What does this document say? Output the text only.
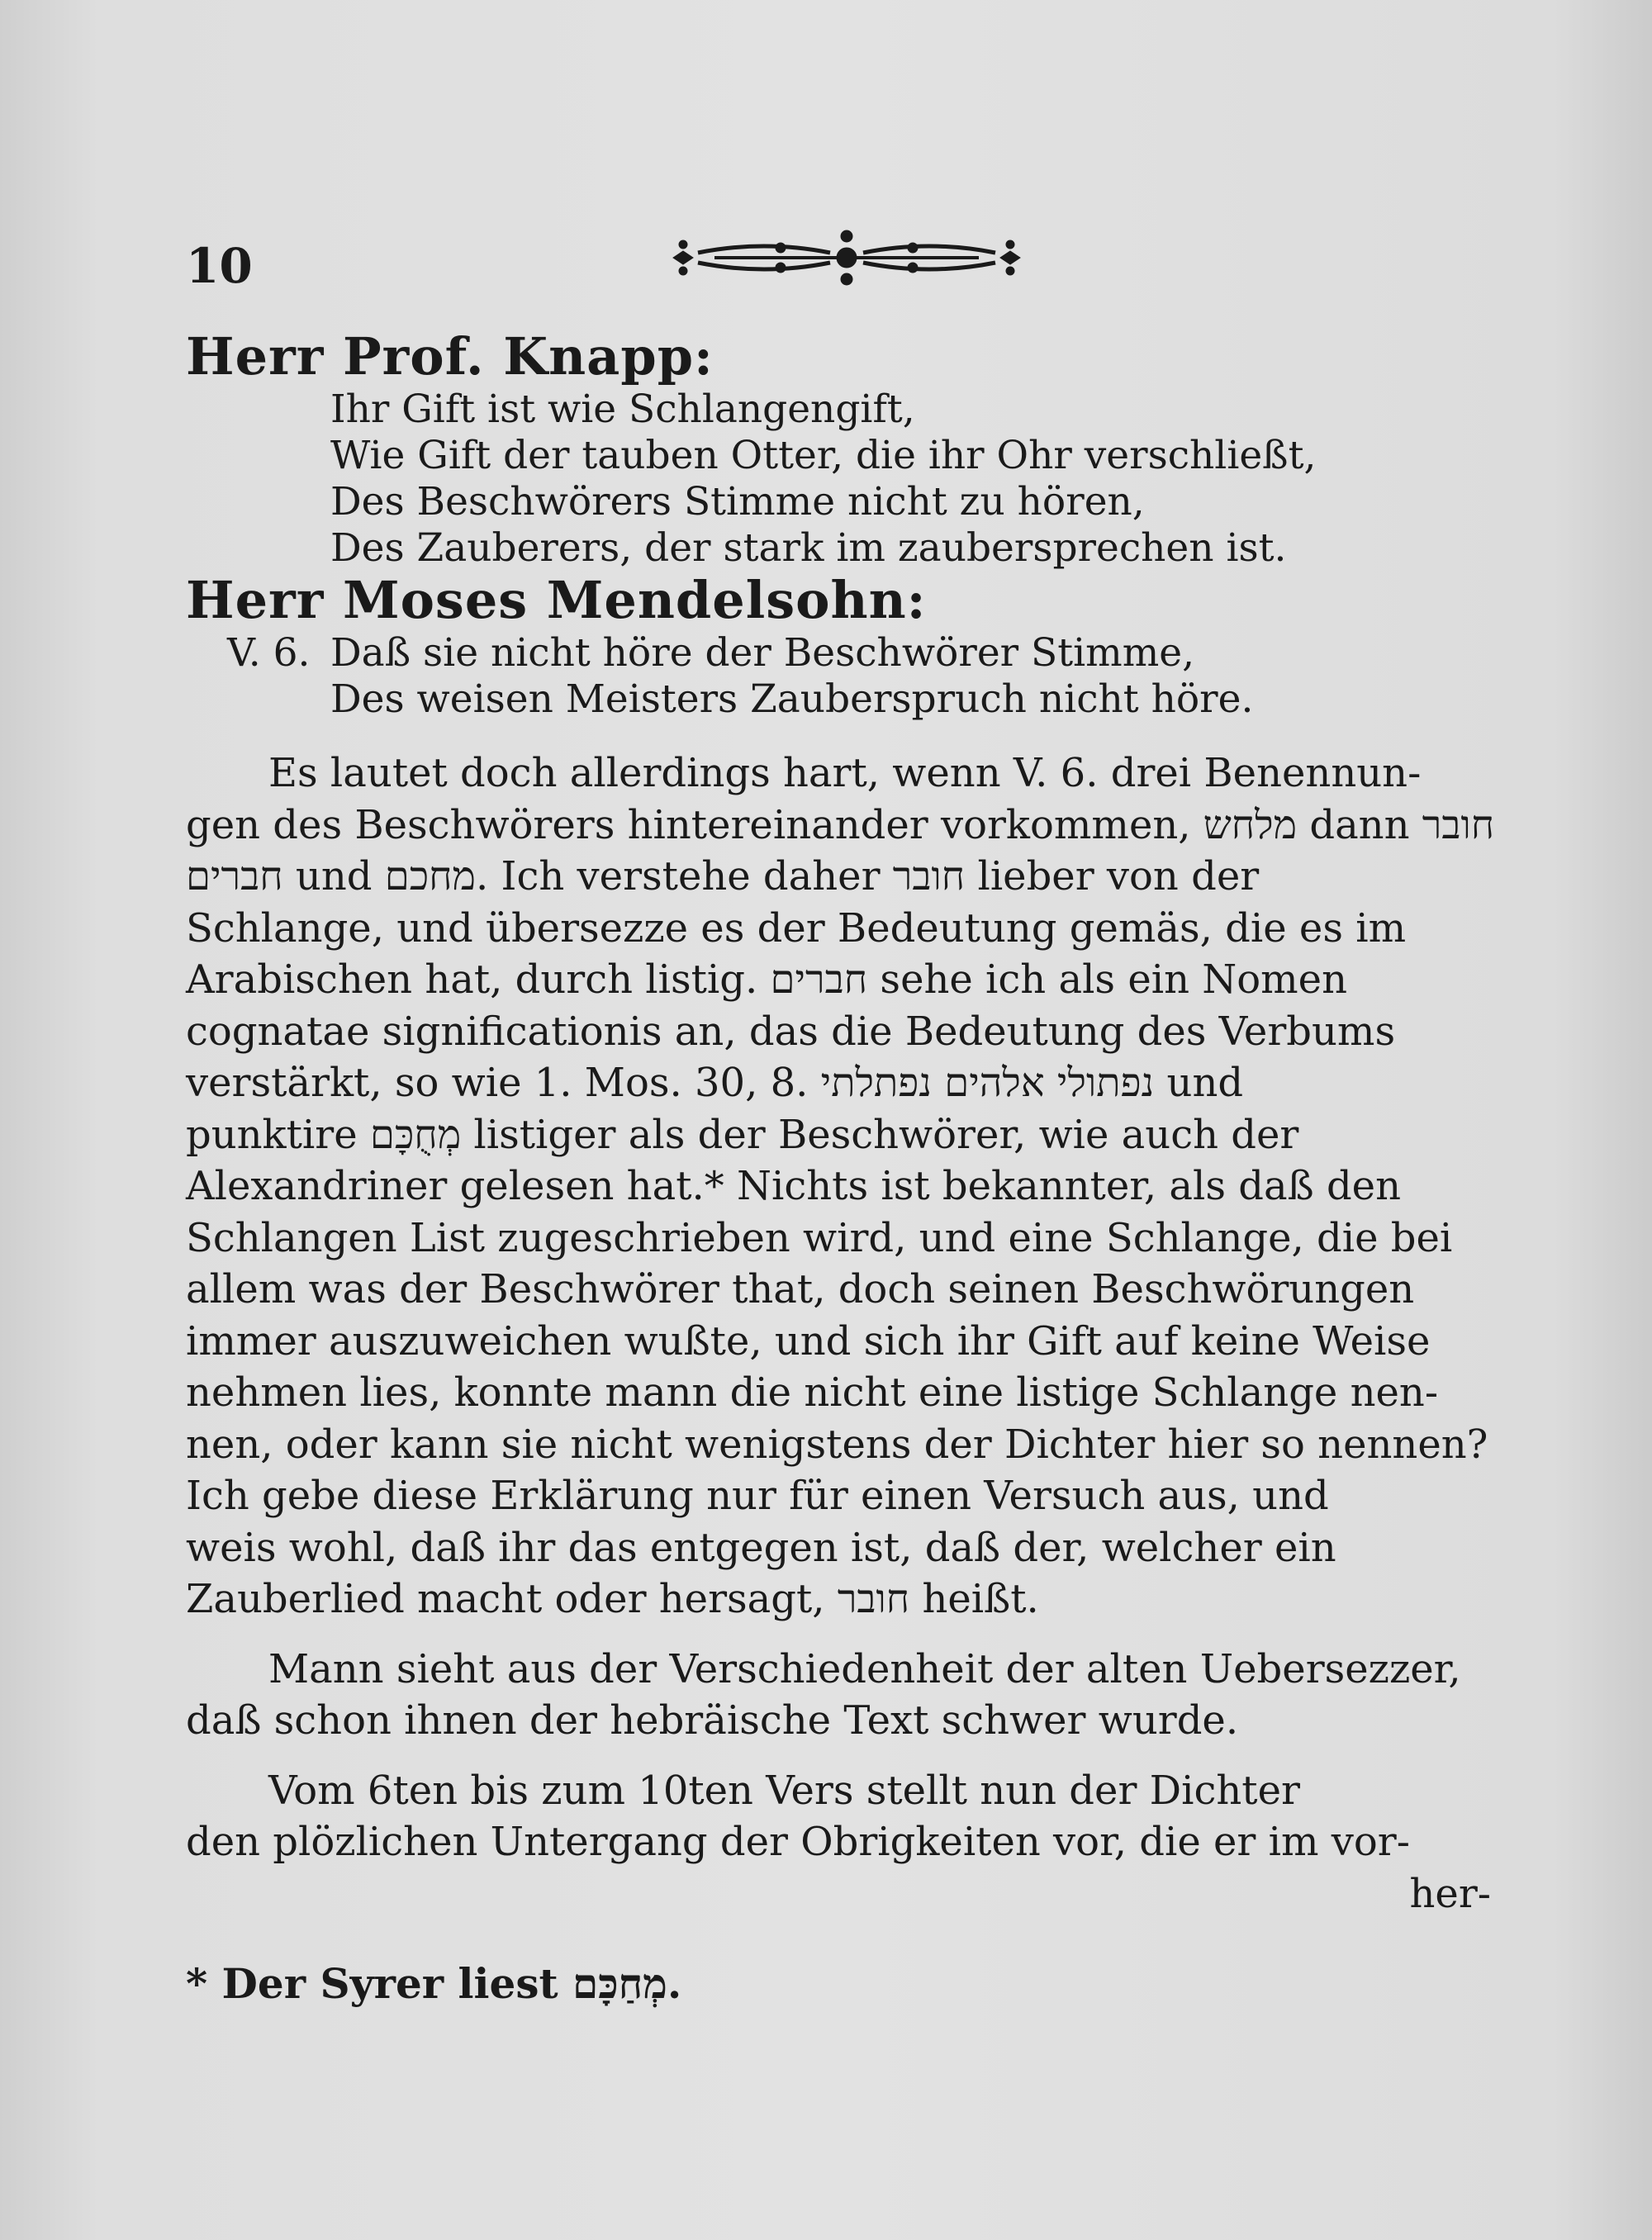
10

Herr Prof. Knapp:

Ihr Gift ist wie Schlangengift,

Wie Gift der tauben Otter, die ihr Ohr verschließt,

Des Beschwörers Stimme nicht zu hören,

Des Zauberers, der stark im zaubersprechen ist.

Herr Moses Mendelsohn:

V. 6. Daß sie nicht höre der Beschwörer Stimme,

Des weisen Meisters Zauberspruch nicht höre.

Es lautet doch allerdings hart, wenn V. 6. drei Benennun-
gen des Beschwörers hintereinander vorkommen, מלחש dann חובר
חברים und מחכם. Ich verstehe daher חובר lieber von der
Schlange, und übersezze es der Bedeutung gemäs, die es im
Arabischen hat, durch listig. חברים sehe ich als ein Nomen
cognatae significationis an, das die Bedeutung des Verbums
verstärkt, so wie 1. Mos. 30, 8. נפתולי אלהים נפתלתי und
punktire מְחֻכָּם listiger als der Beschwörer, wie auch der
Alexandriner gelesen hat.* Nichts ist bekannter, als daß den
Schlangen List zugeschrieben wird, und eine Schlange, die bei
allem was der Beschwörer that, doch seinen Beschwörungen
immer auszuweichen wußte, und sich ihr Gift auf keine Weise
nehmen lies, konnte mann die nicht eine listige Schlange nen-
nen, oder kann sie nicht wenigstens der Dichter hier so nennen?
Ich gebe diese Erklärung nur für einen Versuch aus, und
weis wohl, daß ihr das entgegen ist, daß der, welcher ein
Zauberlied macht oder hersagt, חובר heißt.

Mann sieht aus der Verschiedenheit der alten Uebersezzer,
daß schon ihnen der hebräische Text schwer wurde.

Vom 6ten bis zum 10ten Vers stellt nun der Dichter
den plözlichen Untergang der Obrigkeiten vor, die er im vor-

her-
* Der Syrer liest מְחַכָּם.
